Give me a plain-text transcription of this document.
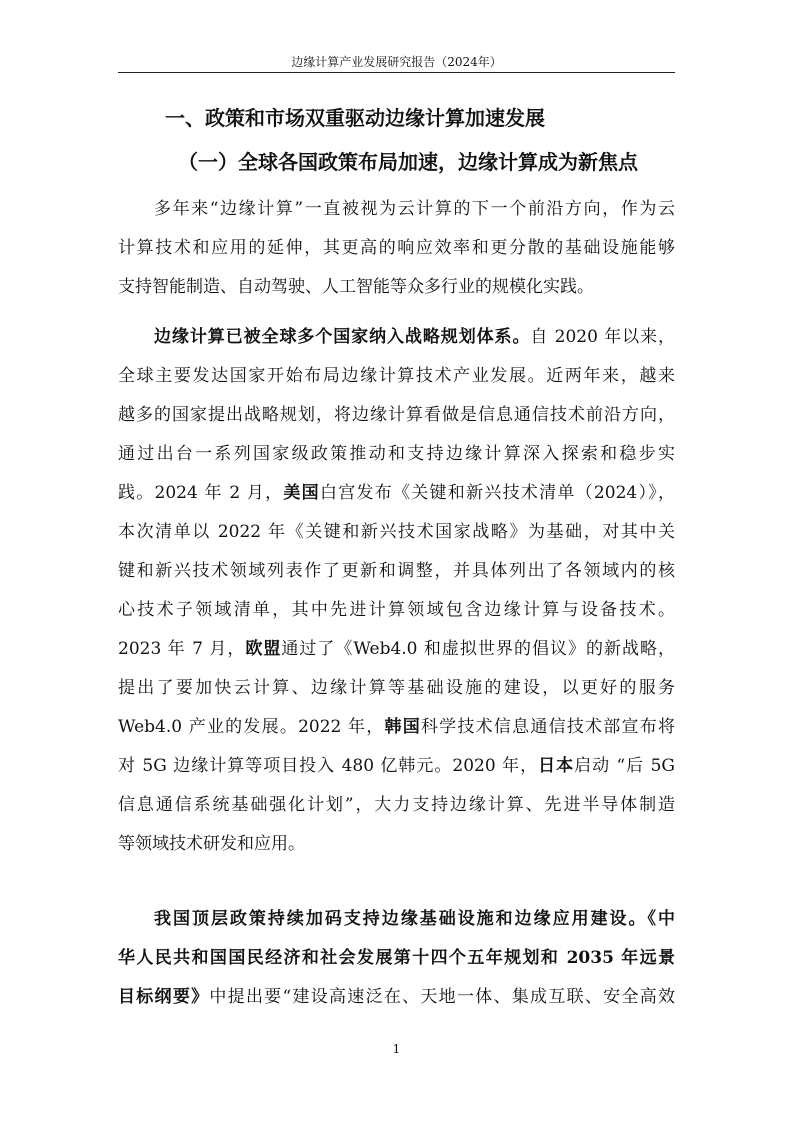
边缘计算产业发展研究报告（2024年）
一、政策和市场双重驱动边缘计算加速发展
（一）全球各国政策布局加速，边缘计算成为新焦点
多年来“边缘计算”一直被视为云计算的下一个前沿方向，作为云
计算技术和应用的延伸，其更高的响应效率和更分散的基础设施能够
支持智能制造、自动驾驶、人工智能等众多行业的规模化实践。
边缘计算已被全球多个国家纳入战略规划体系。自 2020 年以来，
全球主要发达国家开始布局边缘计算技术产业发展。近两年来，越来
越多的国家提出战略规划，将边缘计算看做是信息通信技术前沿方向，
通过出台一系列国家级政策推动和支持边缘计算深入探索和稳步实
践。2024 年 2 月，美国白宫发布《关键和新兴技术清单（2024）》，
本次清单以 2022 年《关键和新兴技术国家战略》为基础，对其中关
键和新兴技术领域列表作了更新和调整，并具体列出了各领域内的核
心技术子领域清单，其中先进计算领域包含边缘计算与设备技术。
2023 年 7 月，欧盟通过了《Web4.0 和虚拟世界的倡议》的新战略，
提出了要加快云计算、边缘计算等基础设施的建设，以更好的服务
Web4.0 产业的发展。2022 年，韩国科学技术信息通信技术部宣布将
对 5G 边缘计算等项目投入 480 亿韩元。2020 年，日本启动 “后 5G
信息通信系统基础强化计划”，大力支持边缘计算、先进半导体制造
等领域技术研发和应用。
我国顶层政策持续加码支持边缘基础设施和边缘应用建设。《中
华人民共和国国民经济和社会发展第十四个五年规划和 2035 年远景
目标纲要》中提出要“建设高速泛在、天地一体、集成互联、安全高效
1
